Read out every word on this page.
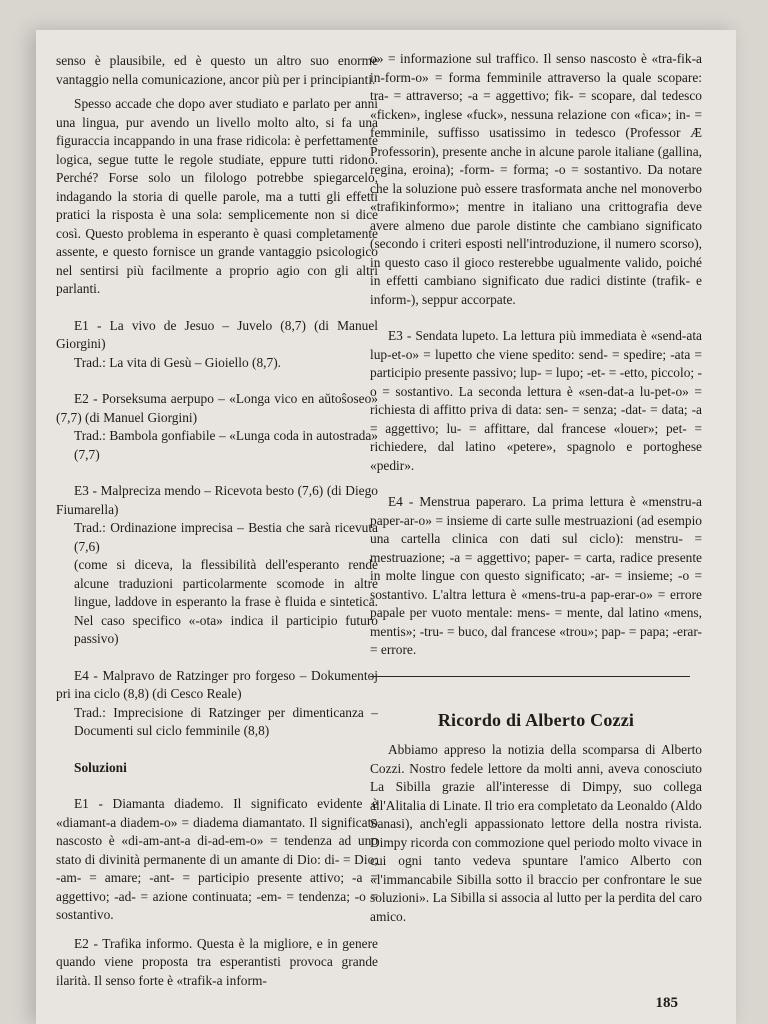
senso è plausibile, ed è questo un altro suo enorme vantaggio nella comunicazione, ancor più per i principianti.

Spesso accade che dopo aver studiato e parlato per anni una lingua, pur avendo un livello molto alto, si fa una figuraccia incappando in una frase ridicola: è perfettamente logica, segue tutte le regole studiate, eppure tutti ridono. Perché? Forse solo un filologo potrebbe spiegarcelo, indagando la storia di quelle parole, ma a tutti gli effetti pratici la risposta è una sola: semplicemente non si dice così. Questo problema in esperanto è quasi completamente assente, e questo fornisce un grande vantaggio psicologico nel sentirsi più facilmente a proprio agio con gli altri parlanti.

E1 - La vivo de Jesuo – Juvelo (8,7) (di Manuel Giorgini)

Trad.: La vita di Gesù – Gioiello (8,7).

E2 - Porseksuma aerpupo – «Longa vico en aŭtoŝoseo» (7,7) (di Manuel Giorgini)

Trad.: Bambola gonfiabile – «Lunga coda in autostrada» (7,7)

E3 - Malpreciza mendo – Ricevota besto (7,6) (di Diego Fiumarella)

Trad.: Ordinazione imprecisa – Bestia che sarà ricevuta (7,6)

(come si diceva, la flessibilità dell'esperanto rende alcune traduzioni particolarmente scomode in altre lingue, laddove in esperanto la frase è fluida e sintetica. Nel caso specifico «-ota» indica il participio futuro passivo)

E4 - Malpravo de Ratzinger pro forgeso – Dokumentoj pri ina ciclo (8,8) (di Cesco Reale)

Trad.: Imprecisione di Ratzinger per dimenticanza – Documenti sul ciclo femminile (8,8)

Soluzioni

E1 - Diamanta diademo. Il significato evidente è «diamant-a diadem-o» = diadema diamantato. Il significato nascosto è «di-am-ant-a di-ad-em-o» = tendenza ad uno stato di divinità permanente di un amante di Dio: di- = Dio; -am- = amare; -ant- = participio presente attivo; -a = aggettivo; -ad- = azione continuata; -em- = tendenza; -o = sostantivo.

E2 - Trafika informo. Questa è la migliore, e in genere quando viene proposta tra esperantisti provoca grande ilarità. Il senso forte è «trafik-a inform-

o» = informazione sul traffico. Il senso nascosto è «tra-fik-a in-form-o» = forma femminile attraverso la quale scopare: tra- = attraverso; -a = aggettivo; fik- = scopare, dal tedesco «ficken», inglese «fuck», nessuna relazione con «fica»; in- = femminile, suffisso usatissimo in tedesco (Professor Æ Professorin), presente anche in alcune parole italiane (gallina, regina, eroina); -form- = forma; -o = sostantivo. Da notare che la soluzione può essere trasformata anche nel monoverbo «trafikinformo»; mentre in italiano una crittografia deve avere almeno due parole distinte che cambiano significato (secondo i criteri esposti nell'introduzione, il numero scorso), in questo caso il gioco resterebbe ugualmente valido, poiché in effetti cambiano significato due radici distinte (trafik- e inform-), seppur accorpate.

E3 - Sendata lupeto. La lettura più immediata è «send-ata lup-et-o» = lupetto che viene spedito: send- = spedire; -ata = participio presente passivo; lup- = lupo; -et- = -etto, piccolo; -o = sostantivo. La seconda lettura è «sen-dat-a lu-pet-o» = richiesta di affitto priva di data: sen- = senza; -dat- = data; -a = aggettivo; lu- = affittare, dal francese «louer»; pet- = richiedere, dal latino «petere», spagnolo e portoghese «pedir».

E4 - Menstrua paperaro. La prima lettura è «menstru-a paper-ar-o» = insieme di carte sulle mestruazioni (ad esempio una cartella clinica con dati sul ciclo): menstru- = mestruazione; -a = aggettivo; paper- = carta, radice presente in molte lingue con questo significato; -ar- = insieme; -o = sostantivo. L'altra lettura è «mens-tru-a pap-erar-o» = errore papale per vuoto mentale: mens- = mente, dal latino «mens, mentis»; -tru- = buco, dal francese «trou»; pap- = papa; -erar- = errore.

Ricordo di Alberto Cozzi

Abbiamo appreso la notizia della scomparsa di Alberto Cozzi. Nostro fedele lettore da molti anni, aveva conosciuto La Sibilla grazie all'interesse di Dimpy, suo collega all'Alitalia di Linate. Il trio era completato da Leonaldo (Aldo Sanasi), anch'egli appassionato lettore della nostra rivista. Dimpy ricorda con commozione quel periodo molto vivace in cui ogni tanto vedeva spuntare l'amico Alberto con «l'immancabile Sibilla sotto il braccio per confrontare le sue soluzioni». La Sibilla si associa al lutto per la perdita del caro amico.

185
